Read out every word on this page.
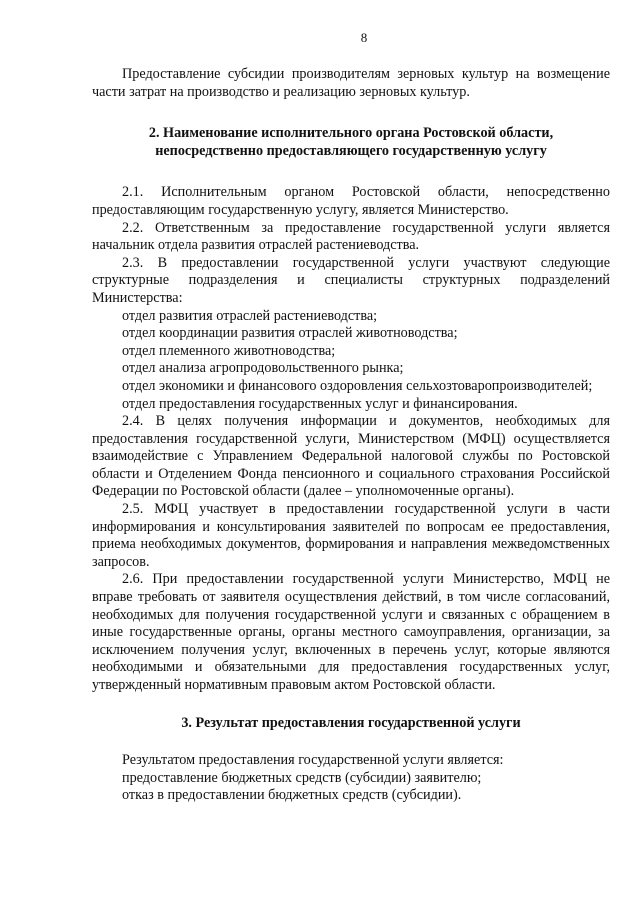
8

Предоставление субсидии производителям зерновых культур на возмещение части затрат на производство и реализацию зерновых культур.

2. Наименование исполнительного органа Ростовской области, непосредственно предоставляющего государственную услугу

2.1. Исполнительным органом Ростовской области, непосредственно предоставляющим государственную услугу, является Министерство.

2.2. Ответственным за предоставление государственной услуги является начальник отдела развития отраслей растениеводства.

2.3. В предоставлении государственной услуги участвуют следующие структурные подразделения и специалисты структурных подразделений Министерства:

отдел развития отраслей растениеводства;

отдел координации развития отраслей животноводства;

отдел племенного животноводства;

отдел анализа агропродовольственного рынка;

отдел экономики и финансового оздоровления сельхозтоваропроизводителей;

отдел предоставления государственных услуг и финансирования.

2.4. В целях получения информации и документов, необходимых для предоставления государственной услуги, Министерством (МФЦ) осуществляется взаимодействие с Управлением Федеральной налоговой службы по Ростовской области и Отделением Фонда пенсионного и социального страхования Российской Федерации по Ростовской области (далее – уполномоченные органы).

2.5. МФЦ участвует в предоставлении государственной услуги в части информирования и консультирования заявителей по вопросам ее предоставления, приема необходимых документов, формирования и направления межведомственных запросов.

2.6. При предоставлении государственной услуги Министерство, МФЦ не вправе требовать от заявителя осуществления действий, в том числе согласований, необходимых для получения государственной услуги и связанных с обращением в иные государственные органы, органы местного самоуправления, организации, за исключением получения услуг, включенных в перечень услуг, которые являются необходимыми и обязательными для предоставления государственных услуг, утвержденный нормативным правовым актом Ростовской области.

3. Результат предоставления государственной услуги

Результатом предоставления государственной услуги является:

предоставление бюджетных средств (субсидии) заявителю;

отказ в предоставлении бюджетных средств (субсидии).
